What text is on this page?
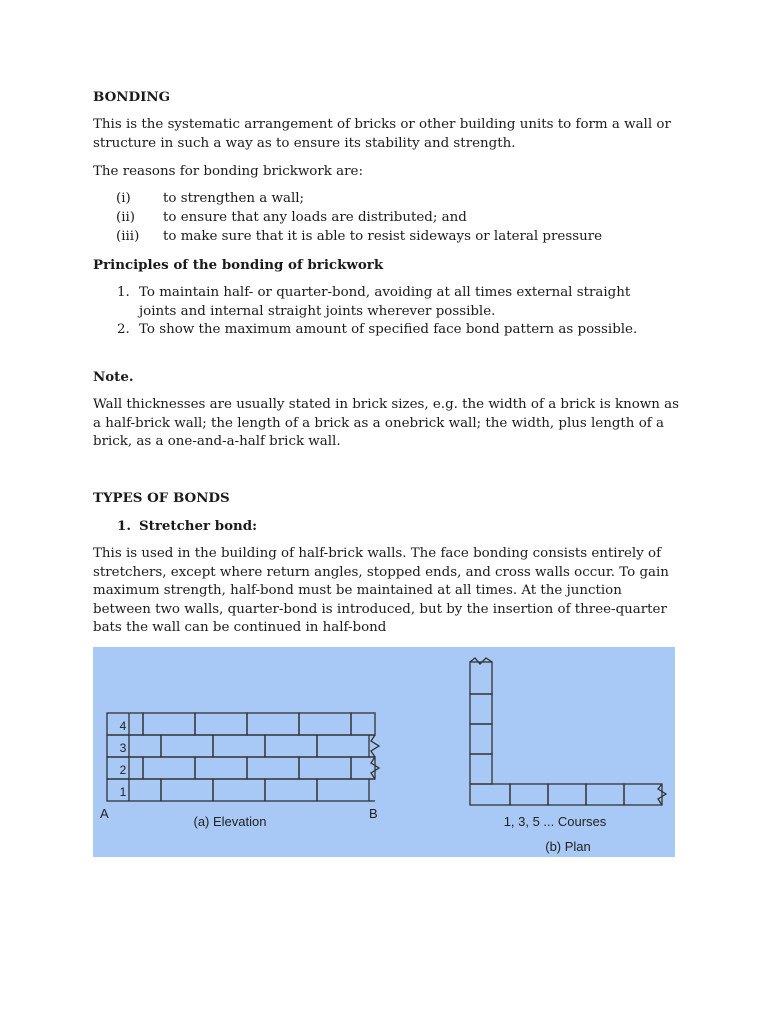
BONDING

This is the systematic arrangement of bricks or other building units to form a wall or structure in such a way as to ensure its stability and strength.

The reasons for bonding brickwork are:

(i) to strengthen a wall;
(ii) to ensure that any loads are distributed; and
(iii) to make sure that it is able to resist sideways or lateral pressure

Principles of the bonding of brickwork

1. To maintain half- or quarter-bond, avoiding at all times external straight joints and internal straight joints wherever possible.
2. To show the maximum amount of specified face bond pattern as possible.

Note.

Wall thicknesses are usually stated in brick sizes, e.g. the width of a brick is known as a half-brick wall; the length of a brick as a onebrick wall; the width, plus length of a brick, as a one-and-a-half brick wall.

TYPES OF BONDS

1. Stretcher bond:

This is used in the building of half-brick walls. The face bonding consists entirely of stretchers, except where return angles, stopped ends, and cross walls occur. To gain maximum strength, half-bond must be maintained at all times. At the junction between two walls, quarter-bond is introduced, but by the insertion of three-quarter bats the wall can be continued in half-bond

4
3
2
1
A	B
(a) Elevation	1, 3, 5 ... Courses
(b) Plan
